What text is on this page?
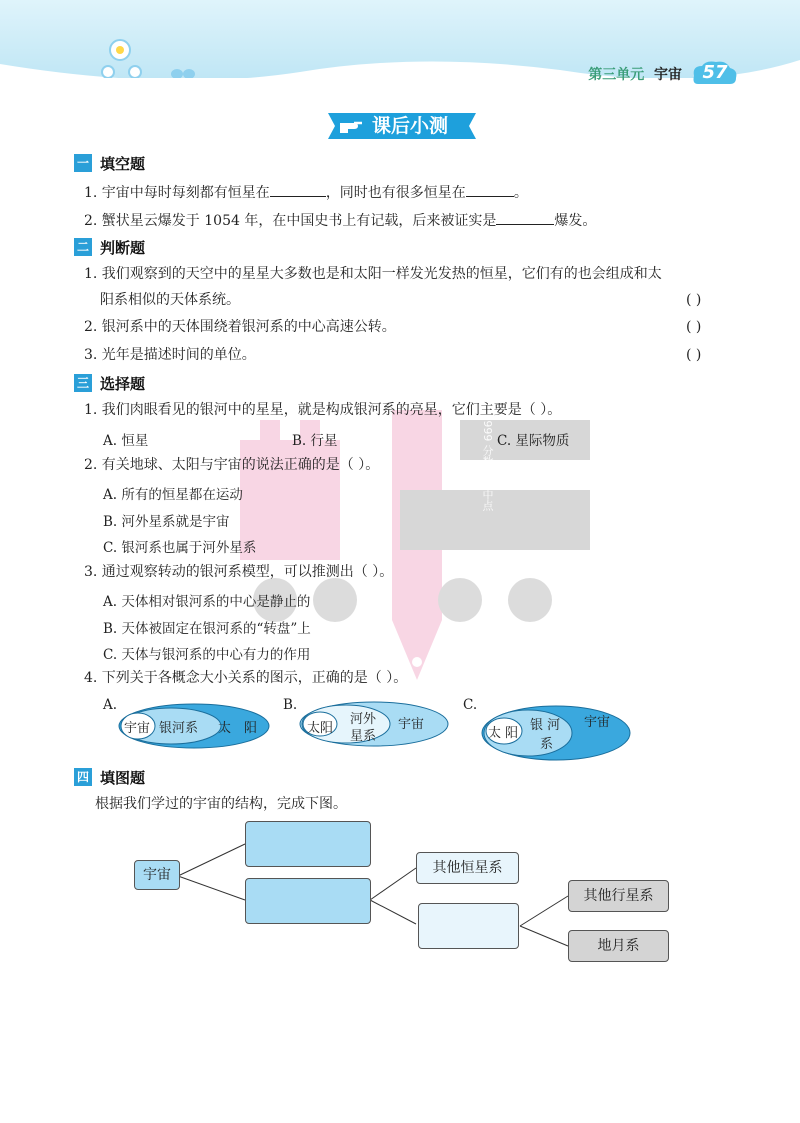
第三单元 宇宙	57
课后小测
Since 1999 分数有典中点
一 填空题
1. 宇宙中每时每刻都有恒星在	，同时也有很多恒星在	。
2. 蟹状星云爆发于 1054 年，在中国史书上有记载，后来被证实是	爆发。
二 判断题
1. 我们观察到的天空中的星星大多数也是和太阳一样发光发热的恒星，它们有的也会组成和太
阳系相似的天体系统。	( )
2. 银河系中的天体围绕着银河系的中心高速公转。	( )
3. 光年是描述时间的单位。	( )
三 选择题
1. 我们肉眼看见的银河中的星星，就是构成银河系的亮星，它们主要是（ ）。
A. 恒星	B. 行星	C. 星际物质
2. 有关地球、太阳与宇宙的说法正确的是（ ）。
A. 所有的恒星都在运动
B. 河外星系就是宇宙
C. 银河系也属于河外星系
3. 通过观察转动的银河系模型，可以推测出（ ）。
A. 天体相对银河系的中心是静止的
B. 天体被固定在银河系的“转盘”上
C. 天体与银河系的中心有力的作用
4. 下列关于各概念大小关系的图示，正确的是（ ）。
A.
宇宙 银河系 太　阳
B.
太阳
河外
星系
宇宙
C.
太 阳
银 河
系
宇宙
四 填图题
根据我们学过的宇宙的结构，完成下图。
宇宙	其他恒星系
其他行星系
地月系
